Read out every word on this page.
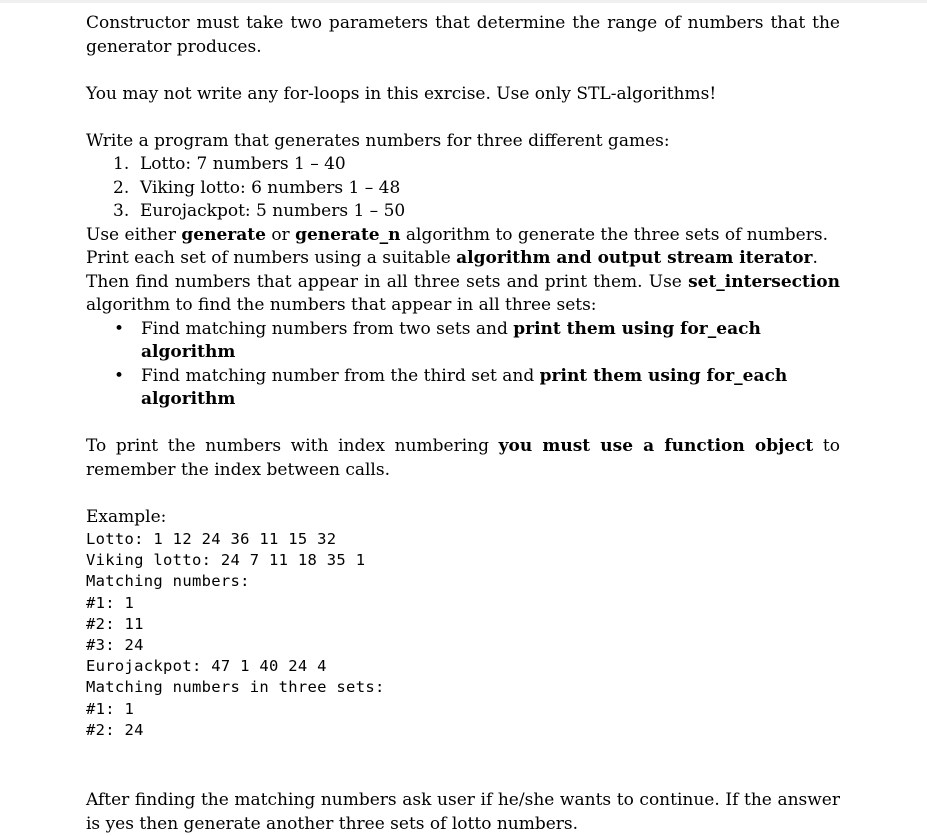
Constructor must take two parameters that determine the range of numbers that the generator produces.

You may not write any for-loops in this exrcise. Use only STL-algorithms!

Write a program that generates numbers for three different games:

1. Lotto: 7 numbers 1 – 40
2. Viking lotto: 6 numbers 1 – 48
3. Eurojackpot: 5 numbers 1 – 50

Use either generate or generate_n algorithm to generate the three sets of numbers.

Print each set of numbers using a suitable algorithm and output stream iterator.

Then find numbers that appear in all three sets and print them. Use set_intersection algorithm to find the numbers that appear in all three sets:

• Find matching numbers from two sets and print them using for_each algorithm
• Find matching number from the third set and print them using for_each algorithm

To print the numbers with index numbering you must use a function object to remember the index between calls.

Example:

Lotto: 1 12 24 36 11 15 32
Viking lotto: 24 7 11 18 35 1
Matching numbers:
#1: 1
#2: 11
#3: 24
Eurojackpot: 47 1 40 24 4
Matching numbers in three sets:
#1: 1
#2: 24

After finding the matching numbers ask user if he/she wants to continue. If the answer is yes then generate another three sets of lotto numbers.
